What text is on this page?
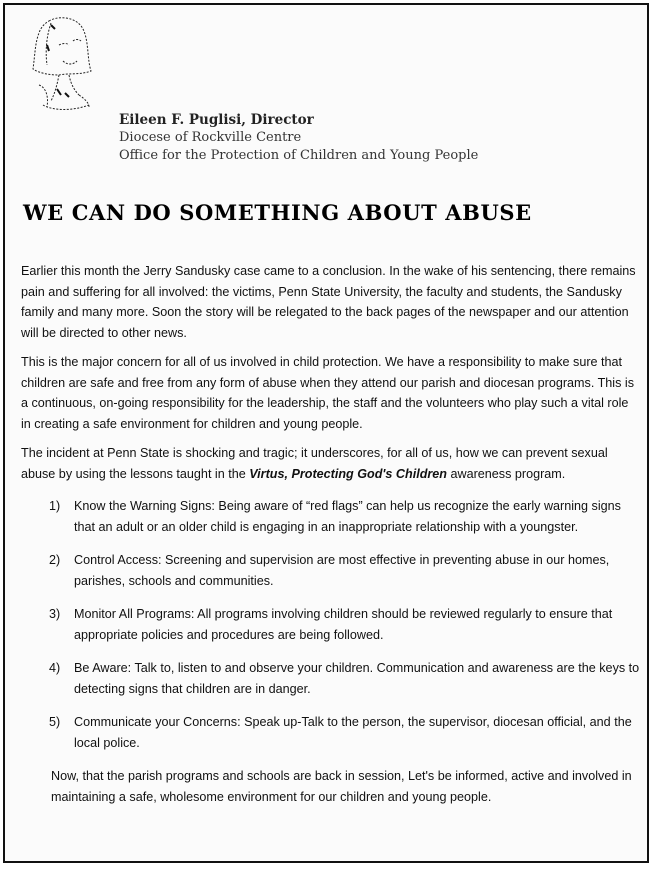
Eileen F. Puglisi, Director
Diocese of Rockville Centre
Office for the Protection of Children and Young People
WE CAN DO SOMETHING ABOUT ABUSE

Earlier this month the Jerry Sandusky case came to a conclusion. In the wake of his sentencing, there remains pain and suffering for all involved: the victims, Penn State University, the faculty and students, the Sandusky family and many more. Soon the story will be relegated to the back pages of the newspaper and our attention will be directed to other news.

This is the major concern for all of us involved in child protection. We have a responsibility to make sure that children are safe and free from any form of abuse when they attend our parish and diocesan programs. This is a continuous, on-going responsibility for the leadership, the staff and the volunteers who play such a vital role in creating a safe environment for children and young people.

The incident at Penn State is shocking and tragic; it underscores, for all of us, how we can prevent sexual abuse by using the lessons taught in the Virtus, Protecting God's Children awareness program.

1) Know the Warning Signs: Being aware of “red flags” can help us recognize the early warning signs that an adult or an older child is engaging in an inappropriate relationship with a youngster.
2) Control Access: Screening and supervision are most effective in preventing abuse in our homes, parishes, schools and communities.
3) Monitor All Programs: All programs involving children should be reviewed regularly to ensure that appropriate policies and procedures are being followed.
4) Be Aware: Talk to, listen to and observe your children. Communication and awareness are the keys to detecting signs that children are in danger.
5) Communicate your Concerns: Speak up-Talk to the person, the supervisor, diocesan official, and the local police.

Now, that the parish programs and schools are back in session, Let's be informed, active and involved in maintaining a safe, wholesome environment for our children and young people.
